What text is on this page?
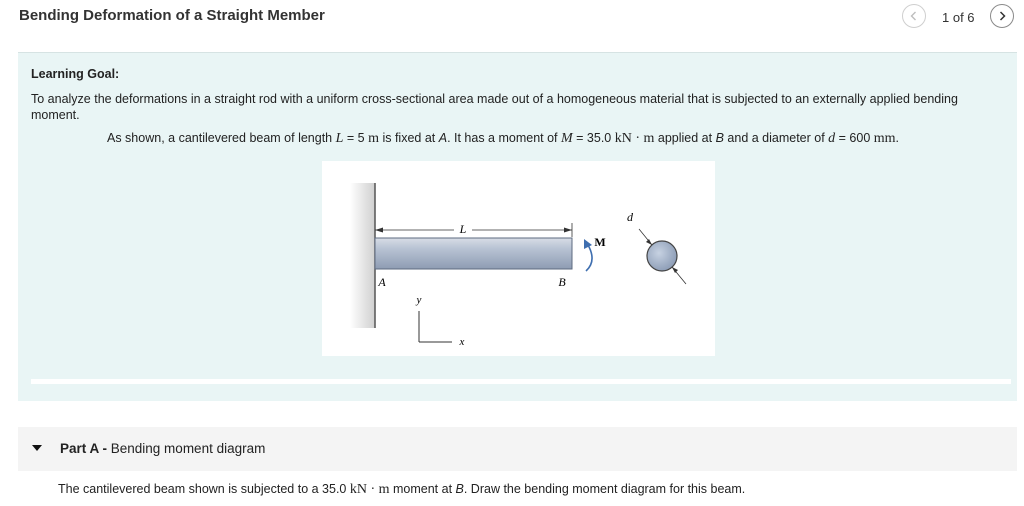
Bending Deformation of a Straight Member	1 of 6
Learning Goal:
To analyze the deformations in a straight rod with a uniform cross-sectional area made out of a homogeneous material that is subjected to an externally applied bending moment.
As shown, a cantilevered beam of length L = 5 m is fixed at A. It has a moment of M = 35.0 kN · m applied at B and a diameter of d = 600 mm.
L
M
d
A	B
y
x
Part A - Bending moment diagram
The cantilevered beam shown is subjected to a 35.0 kN · m moment at B. Draw the bending moment diagram for this beam.
